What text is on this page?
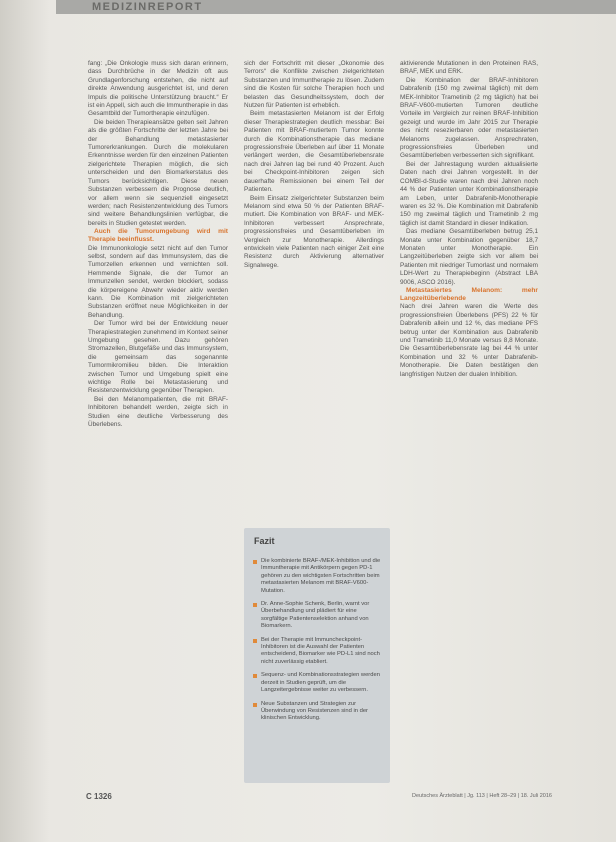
MEDIZINREPORT

fang: „Die Onkologie muss sich daran erinnern, dass Durchbrüche in der Medizin oft aus Grundlagenforschung entstehen, die nicht auf direkte Anwendung ausgerichtet ist, und deren Impuls die politische Unterstützung braucht.“ Er ist ein Appell, sich auch die Immuntherapie in das Gesamtbild der Tumortherapie einzufügen.

Die beiden Therapieansätze gelten seit Jahren als die größten Fortschritte der letzten Jahre bei der Behandlung metastasierter Tumorerkrankungen. Durch die molekularen Erkenntnisse werden für den einzelnen Patienten zielgerichtete Therapien möglich, die sich unterscheiden und den Biomarkerstatus des Tumors berücksichtigen. Diese neuen Substanzen verbessern die Prognose deutlich, vor allem wenn sie sequenziell eingesetzt werden; nach Resistenzentwicklung des Tumors sind weitere Behandlungslinien verfügbar, die bereits in Studien getestet werden.

Auch die Tumorumgebung wird mit Therapie beeinflusst.

Die Immunonkologie setzt nicht auf den Tumor selbst, sondern auf das Immunsystem, das die Tumorzellen erkennen und vernichten soll. Hemmende Signale, die der Tumor an Immunzellen sendet, werden blockiert, sodass die körpereigene Abwehr wieder aktiv werden kann. Die Kombination mit zielgerichteten Substanzen eröffnet neue Möglichkeiten in der Behandlung.

Der Tumor wird bei der Entwicklung neuer Therapiestrategien zunehmend im Kontext seiner Umgebung gesehen. Dazu gehören Stromazellen, Blutgefäße und das Immunsystem, die gemeinsam das sogenannte Tumormikromilieu bilden. Die Interaktion zwischen Tumor und Umgebung spielt eine wichtige Rolle bei Metastasierung und Resistenzentwicklung gegenüber Therapien.

Bei den Melanompatienten, die mit BRAF-Inhibitoren behandelt werden, zeigte sich in Studien eine deutliche Verbesserung des Überlebens.

sich der Fortschritt mit dieser „Ökonomie des Terrors“ die Konflikte zwischen zielgerichteten Substanzen und Immuntherapie zu lösen. Zudem sind die Kosten für solche Therapien hoch und belasten das Gesundheitssystem, doch der Nutzen für Patienten ist erheblich.

Beim metastasierten Melanom ist der Erfolg dieser Therapiestrategien deutlich messbar: Bei Patienten mit BRAF-mutiertem Tumor konnte durch die Kombinationstherapie das mediane progressionsfreie Überleben auf über 11 Monate verlängert werden, die Gesamtüberlebensrate nach drei Jahren lag bei rund 40 Prozent. Auch bei Checkpoint-Inhibitoren zeigen sich dauerhafte Remissionen bei einem Teil der Patienten.

Beim Einsatz zielgerichteter Substanzen beim Melanom sind etwa 50 % der Patienten BRAF-mutiert. Die Kombination von BRAF- und MEK-Inhibitoren verbessert Ansprechrate, progressionsfreies und Gesamtüberleben im Vergleich zur Monotherapie. Allerdings entwickeln viele Patienten nach einiger Zeit eine Resistenz durch Aktivierung alternativer Signalwege.

aktivierende Mutationen in den Proteinen RAS, BRAF, MEK und ERK.

Die Kombination der BRAF-Inhibitoren Dabrafenib (150 mg zweimal täglich) mit dem MEK-Inhibitor Trametinib (2 mg täglich) hat bei BRAF-V600-mutierten Tumoren deutliche Vorteile im Vergleich zur reinen BRAF-Inhibition gezeigt und wurde im Jahr 2015 zur Therapie des nicht resezierbaren oder metastasierten Melanoms zugelassen. Ansprechraten, progressionsfreies Überleben und Gesamtüberleben verbesserten sich signifikant.

Bei der Jahrestagung wurden aktualisierte Daten nach drei Jahren vorgestellt. In der COMBI-d-Studie waren nach drei Jahren noch 44 % der Patienten unter Kombinationstherapie am Leben, unter Dabrafenib-Monotherapie waren es 32 %. Die Kombination mit Dabrafenib 150 mg zweimal täglich und Trametinib 2 mg täglich ist damit Standard in dieser Indikation.

Das mediane Gesamtüberleben betrug 25,1 Monate unter Kombination gegenüber 18,7 Monaten unter Monotherapie. Ein Langzeitüberleben zeigte sich vor allem bei Patienten mit niedriger Tumorlast und normalem LDH-Wert zu Therapiebeginn (Abstract LBA 9006, ASCO 2016).

Metastasiertes Melanom: mehr Langzeitüberlebende

Nach drei Jahren waren die Werte des progressionsfreien Überlebens (PFS) 22 % für Dabrafenib allein und 12 %, das mediane PFS betrug unter der Kombination aus Dabrafenib und Trametinib 11,0 Monate versus 8,8 Monate. Die Gesamtüberlebensrate lag bei 44 % unter Kombination und 32 % unter Dabrafenib-Monotherapie. Die Daten bestätigen den langfristigen Nutzen der dualen Inhibition.

Fazit
Die kombinierte BRAF-/MEK-Inhibition und die Immuntherapie mit Antikörpern gegen PD-1 gehören zu den wichtigsten Fortschritten beim metastasierten Melanom mit BRAF-V600-Mutation.
Dr. Anne-Sophie Schenk, Berlin, warnt vor Überbehandlung und plädiert für eine sorgfältige Patientenselektion anhand von Biomarkern.
Bei der Therapie mit Immuncheckpoint-Inhibitoren ist die Auswahl der Patienten entscheidend, Biomarker wie PD-L1 sind noch nicht zuverlässig etabliert.
Sequenz- und Kombinationsstrategien werden derzeit in Studien geprüft, um die Langzeitergebnisse weiter zu verbessern.
Neue Substanzen und Strategien zur Überwindung von Resistenzen sind in der klinischen Entwicklung.
C 1326	Deutsches Ärzteblatt | Jg. 113 | Heft 28–29 | 18. Juli 2016
